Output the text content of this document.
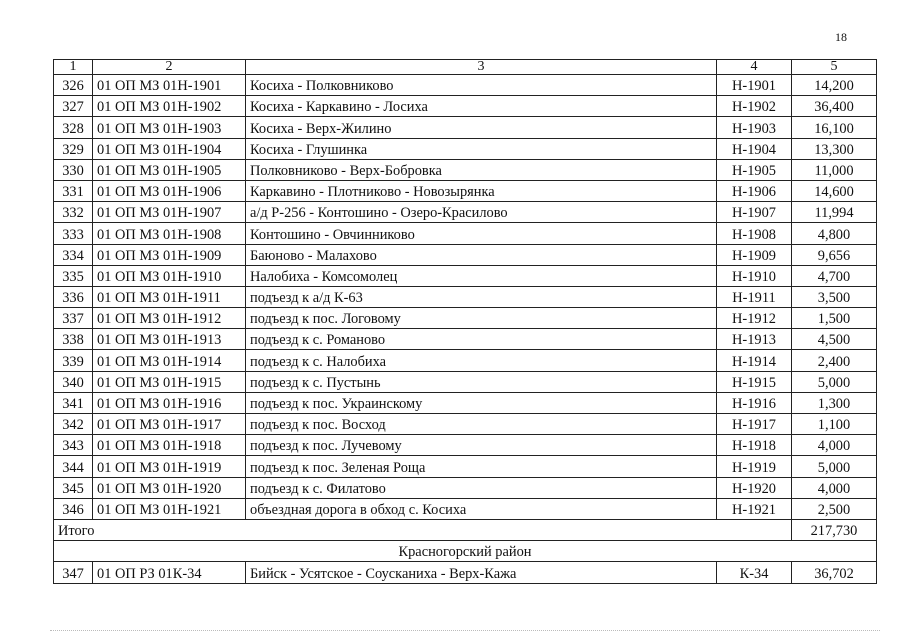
18
1	2	3	4	5
326	01 ОП МЗ 01Н-1901	Косиха - Полковниково	Н-1901	14,200
327	01 ОП МЗ 01Н-1902	Косиха - Каркавино - Лосиха	Н-1902	36,400
328	01 ОП МЗ 01Н-1903	Косиха - Верх-Жилино	Н-1903	16,100
329	01 ОП МЗ 01Н-1904	Косиха - Глушинка	Н-1904	13,300
330	01 ОП МЗ 01Н-1905	Полковниково - Верх-Бобровка	Н-1905	11,000
331	01 ОП МЗ 01Н-1906	Каркавино - Плотниково - Новозырянка	Н-1906	14,600
332	01 ОП МЗ 01Н-1907	а/д Р-256 - Контошино - Озеро-Красилово	Н-1907	11,994
333	01 ОП МЗ 01Н-1908	Контошино - Овчинниково	Н-1908	4,800
334	01 ОП МЗ 01Н-1909	Баюново - Малахово	Н-1909	9,656
335	01 ОП МЗ 01Н-1910	Налобиха - Комсомолец	Н-1910	4,700
336	01 ОП МЗ 01Н-1911	подъезд к а/д К-63	Н-1911	3,500
337	01 ОП МЗ 01Н-1912	подъезд к пос. Логовому	Н-1912	1,500
338	01 ОП МЗ 01Н-1913	подъезд к с. Романово	Н-1913	4,500
339	01 ОП МЗ 01Н-1914	подъезд к с. Налобиха	Н-1914	2,400
340	01 ОП МЗ 01Н-1915	подъезд к с. Пустынь	Н-1915	5,000
341	01 ОП МЗ 01Н-1916	подъезд к пос. Украинскому	Н-1916	1,300
342	01 ОП МЗ 01Н-1917	подъезд к пос. Восход	Н-1917	1,100
343	01 ОП МЗ 01Н-1918	подъезд к пос. Лучевому	Н-1918	4,000
344	01 ОП МЗ 01Н-1919	подъезд к пос. Зеленая Роща	Н-1919	5,000
345	01 ОП МЗ 01Н-1920	подъезд к с. Филатово	Н-1920	4,000
346	01 ОП МЗ 01Н-1921	объездная дорога в обход с. Косиха	Н-1921	2,500
Итого				217,730
Красногорский район				
347	01 ОП РЗ 01К-34	Бийск - Усятское - Соусканиха - Верх-Кажа	К-34	36,702
